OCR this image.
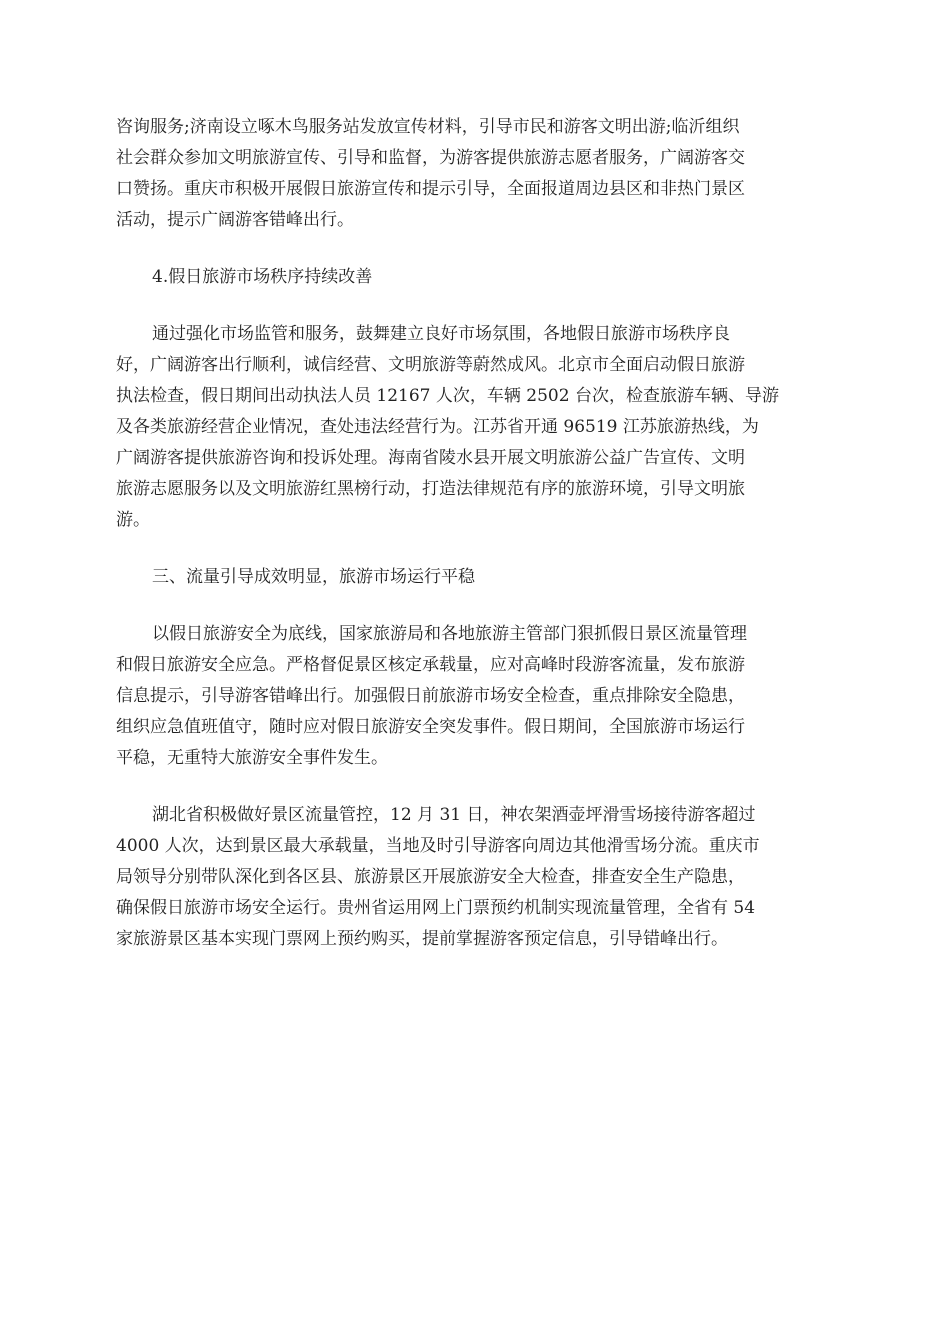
咨询服务;济南设立啄木鸟服务站发放宣传材料，引导市民和游客文明出游;临沂组织
社会群众参加文明旅游宣传、引导和监督，为游客提供旅游志愿者服务，广阔游客交
口赞扬。重庆市积极开展假日旅游宣传和提示引导，全面报道周边县区和非热门景区
活动，提示广阔游客错峰出行。

4.假日旅游市场秩序持续改善

通过强化市场监管和服务，鼓舞建立良好市场氛围，各地假日旅游市场秩序良
好，广阔游客出行顺利，诚信经营、文明旅游等蔚然成风。北京市全面启动假日旅游
执法检查，假日期间出动执法人员 12167 人次，车辆 2502 台次，检查旅游车辆、导游
及各类旅游经营企业情况，查处违法经营行为。江苏省开通 96519 江苏旅游热线，为
广阔游客提供旅游咨询和投诉处理。海南省陵水县开展文明旅游公益广告宣传、文明
旅游志愿服务以及文明旅游红黑榜行动，打造法律规范有序的旅游环境，引导文明旅
游。

三、流量引导成效明显，旅游市场运行平稳

以假日旅游安全为底线，国家旅游局和各地旅游主管部门狠抓假日景区流量管理
和假日旅游安全应急。严格督促景区核定承载量，应对高峰时段游客流量，发布旅游
信息提示，引导游客错峰出行。加强假日前旅游市场安全检查，重点排除安全隐患，
组织应急值班值守，随时应对假日旅游安全突发事件。假日期间，全国旅游市场运行
平稳，无重特大旅游安全事件发生。

湖北省积极做好景区流量管控，12 月 31 日，神农架酒壶坪滑雪场接待游客超过
4000 人次，达到景区最大承载量，当地及时引导游客向周边其他滑雪场分流。重庆市
局领导分别带队深化到各区县、旅游景区开展旅游安全大检查，排查安全生产隐患，
确保假日旅游市场安全运行。贵州省运用网上门票预约机制实现流量管理，全省有 54
家旅游景区基本实现门票网上预约购买，提前掌握游客预定信息，引导错峰出行。
